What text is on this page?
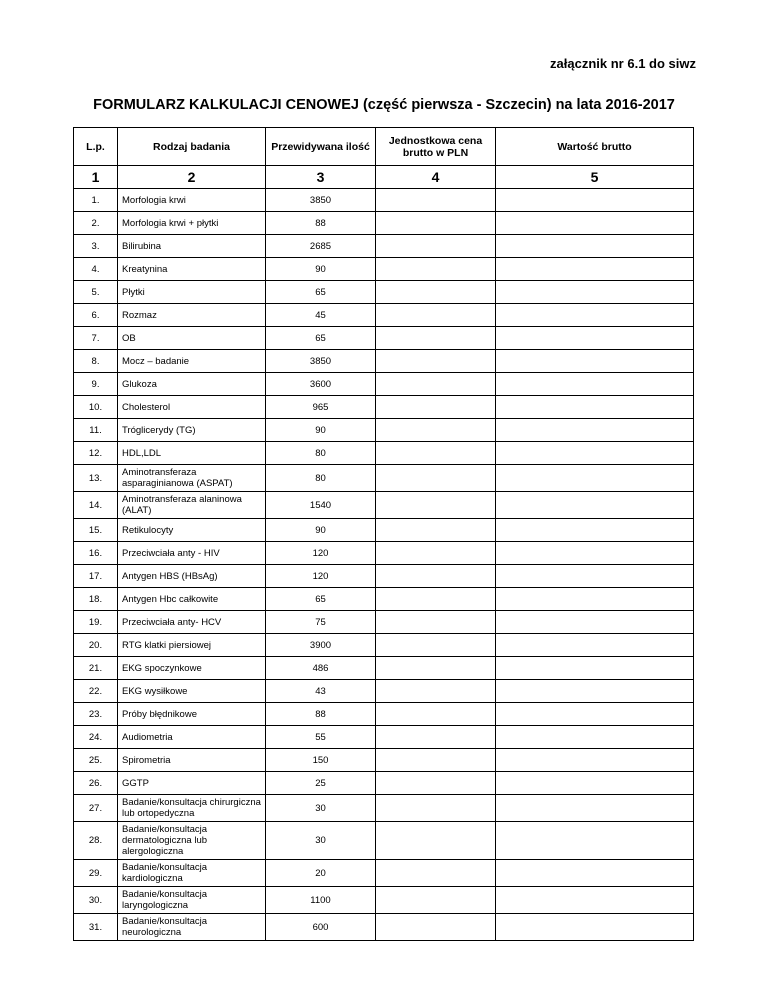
załącznik nr 6.1 do siwz
FORMULARZ KALKULACJI CENOWEJ (część pierwsza - Szczecin) na lata 2016-2017
L.p.	Rodzaj badania	Przewidywana ilość	Jednostkowa cena brutto w PLN	Wartość brutto
1	2	3	4	5
1.	Morfologia krwi	3850		
2.	Morfologia krwi + płytki	88		
3.	Bilirubina	2685		
4.	Kreatynina	90		
5.	Płytki	65		
6.	Rozmaz	45		
7.	OB	65		
8.	Mocz – badanie	3850		
9.	Glukoza	3600		
10.	Cholesterol	965		
11.	Tróglicerydy (TG)	90		
12.	HDL,LDL	80		
13.	Aminotransferaza asparaginianowa (ASPAT)	80		
14.	Aminotransferaza alaninowa (ALAT)	1540		
15.	Retikulocyty	90		
16.	Przeciwciała anty - HIV	120		
17.	Antygen HBS (HBsAg)	120		
18.	Antygen Hbc całkowite	65		
19.	Przeciwciała anty- HCV	75		
20.	RTG klatki piersiowej	3900		
21.	EKG spoczynkowe	486		
22.	EKG wysiłkowe	43		
23.	Próby błędnikowe	88		
24.	Audiometria	55		
25.	Spirometria	150		
26.	GGTP	25		
27.	Badanie/konsultacja chirurgiczna lub ortopedyczna	30		
28.	Badanie/konsultacja dermatologiczna lub alergologiczna	30		
29.	Badanie/konsultacja kardiologiczna	20		
30.	Badanie/konsultacja laryngologiczna	1100		
31.	Badanie/konsultacja neurologiczna	600		
